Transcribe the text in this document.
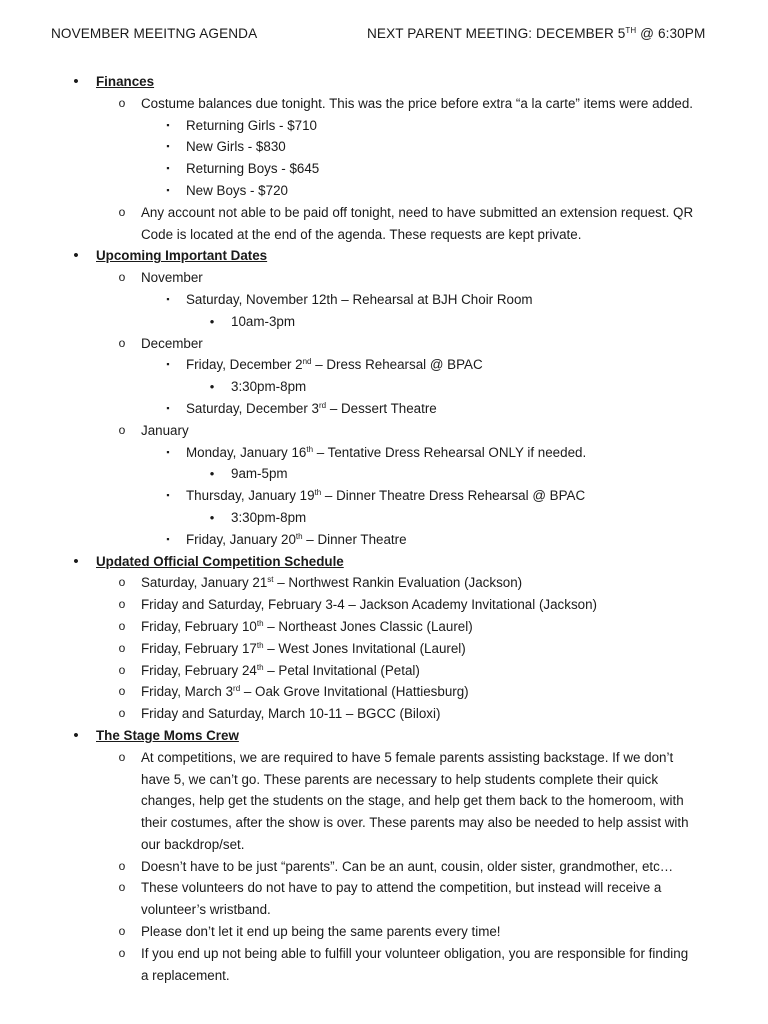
NOVEMBER MEEITNG AGENDA	NEXT PARENT MEETING: DECEMBER 5TH @ 6:30PM
•	Finances
o Costume balances due tonight. This was the price before extra “a la carte” items were added.
▪	Returning Girls - $710
▪	New Girls - $830
▪	Returning Boys - $645
▪	New Boys - $720
o Any account not able to be paid off tonight, need to have submitted an extension request. QR
Code is located at the end of the agenda. These requests are kept private.
•	Upcoming Important Dates
o November
▪	Saturday, November 12th – Rehearsal at BJH Choir Room
•	10am-3pm
o December
▪	Friday, December 2nd – Dress Rehearsal @ BPAC
•	3:30pm-8pm
▪	Saturday, December 3rd – Dessert Theatre
o January
▪	Monday, January 16th – Tentative Dress Rehearsal ONLY if needed.
•	9am-5pm
▪	Thursday, January 19th – Dinner Theatre Dress Rehearsal @ BPAC
•	3:30pm-8pm
▪	Friday, January 20th – Dinner Theatre
•	Updated Official Competition Schedule
o Saturday, January 21st – Northwest Rankin Evaluation (Jackson)
o Friday and Saturday, February 3-4 – Jackson Academy Invitational (Jackson)
o Friday, February 10th – Northeast Jones Classic (Laurel)
o Friday, February 17th – West Jones Invitational (Laurel)
o Friday, February 24th – Petal Invitational (Petal)
o Friday, March 3rd – Oak Grove Invitational (Hattiesburg)
o Friday and Saturday, March 10-11 – BGCC (Biloxi)
•	The Stage Moms Crew
o At competitions, we are required to have 5 female parents assisting backstage. If we don’t
have 5, we can’t go. These parents are necessary to help students complete their quick
changes, help get the students on the stage, and help get them back to the homeroom, with
their costumes, after the show is over. These parents may also be needed to help assist with
our backdrop/set.
o Doesn’t have to be just “parents”. Can be an aunt, cousin, older sister, grandmother, etc…
o These volunteers do not have to pay to attend the competition, but instead will receive a
volunteer’s wristband.
o Please don’t let it end up being the same parents every time!
o If you end up not being able to fulfill your volunteer obligation, you are responsible for finding
a replacement.
